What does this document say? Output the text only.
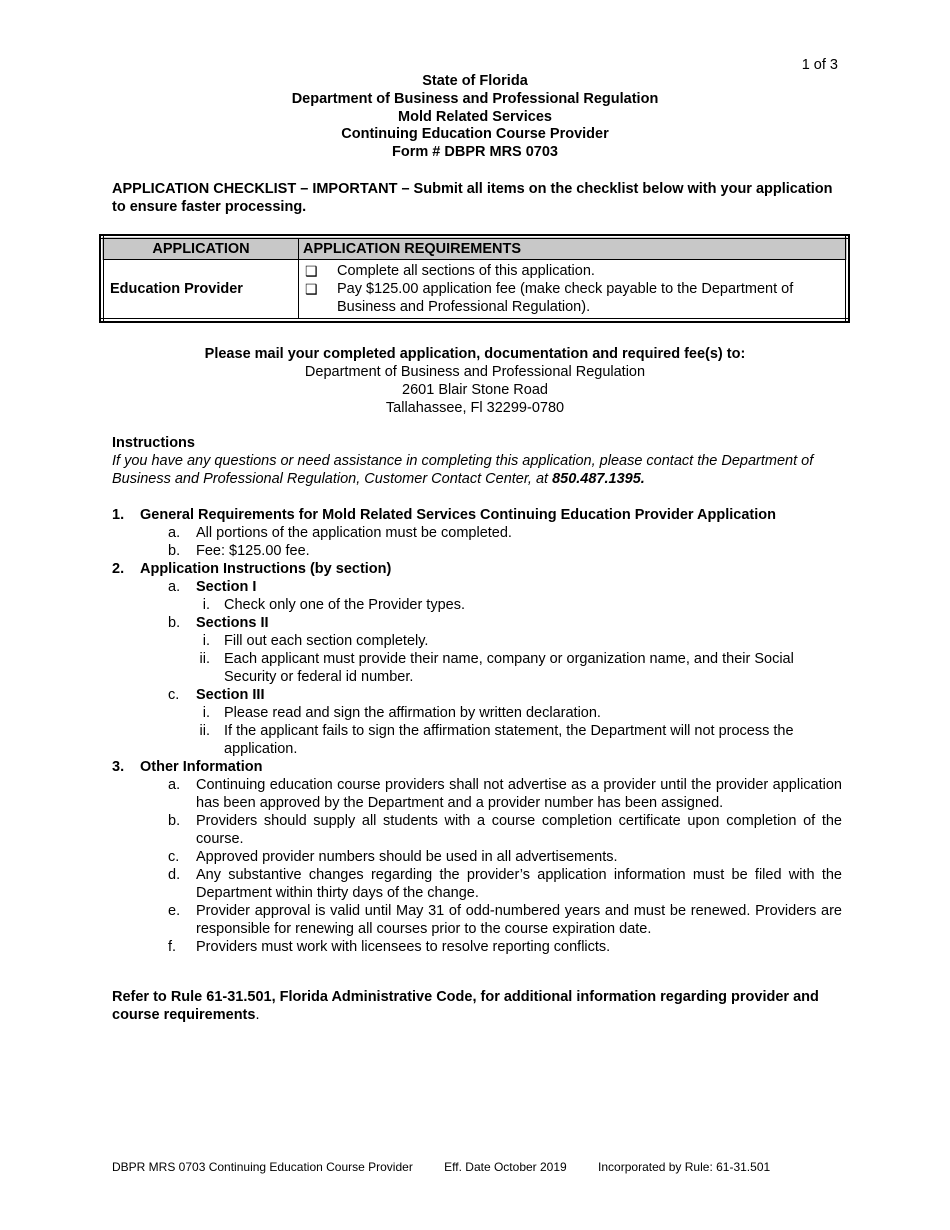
1 of 3
State of Florida
Department of Business and Professional Regulation
Mold Related Services
Continuing Education Course Provider
Form # DBPR MRS 0703
APPLICATION CHECKLIST – IMPORTANT – Submit all items on the checklist below with your application to ensure faster processing.
APPLICATION	APPLICATION REQUIREMENTS
Education Provider	❑ Complete all sections of this application.
❑ Pay $125.00 application fee (make check payable to the Department of Business and Professional Regulation).
Please mail your completed application, documentation and required fee(s) to:
Department of Business and Professional Regulation
2601 Blair Stone Road
Tallahassee, Fl 32299-0780
Instructions
If you have any questions or need assistance in completing this application, please contact the Department of Business and Professional Regulation, Customer Contact Center, at 850.487.1395.
1. General Requirements for Mold Related Services Continuing Education Provider Application
a. All portions of the application must be completed.
b. Fee: $125.00 fee.
2. Application Instructions (by section)
a. Section I
i. Check only one of the Provider types.
b. Sections II
i. Fill out each section completely.
ii. Each applicant must provide their name, company or organization name, and their Social Security or federal id number.
c. Section III
i. Please read and sign the affirmation by written declaration.
ii. If the applicant fails to sign the affirmation statement, the Department will not process the application.
3. Other Information
a. Continuing education course providers shall not advertise as a provider until the provider application has been approved by the Department and a provider number has been assigned.
b. Providers should supply all students with a course completion certificate upon completion of the course.
c. Approved provider numbers should be used in all advertisements.
d. Any substantive changes regarding the provider’s application information must be filed with the Department within thirty days of the change.
e. Provider approval is valid until May 31 of odd-numbered years and must be renewed. Providers are responsible for renewing all courses prior to the course expiration date.
f. Providers must work with licensees to resolve reporting conflicts.
Refer to Rule 61-31.501, Florida Administrative Code, for additional information regarding provider and course requirements.
DBPR MRS 0703 Continuing Education Course Provider	Eff. Date October 2019	Incorporated by Rule: 61-31.501
